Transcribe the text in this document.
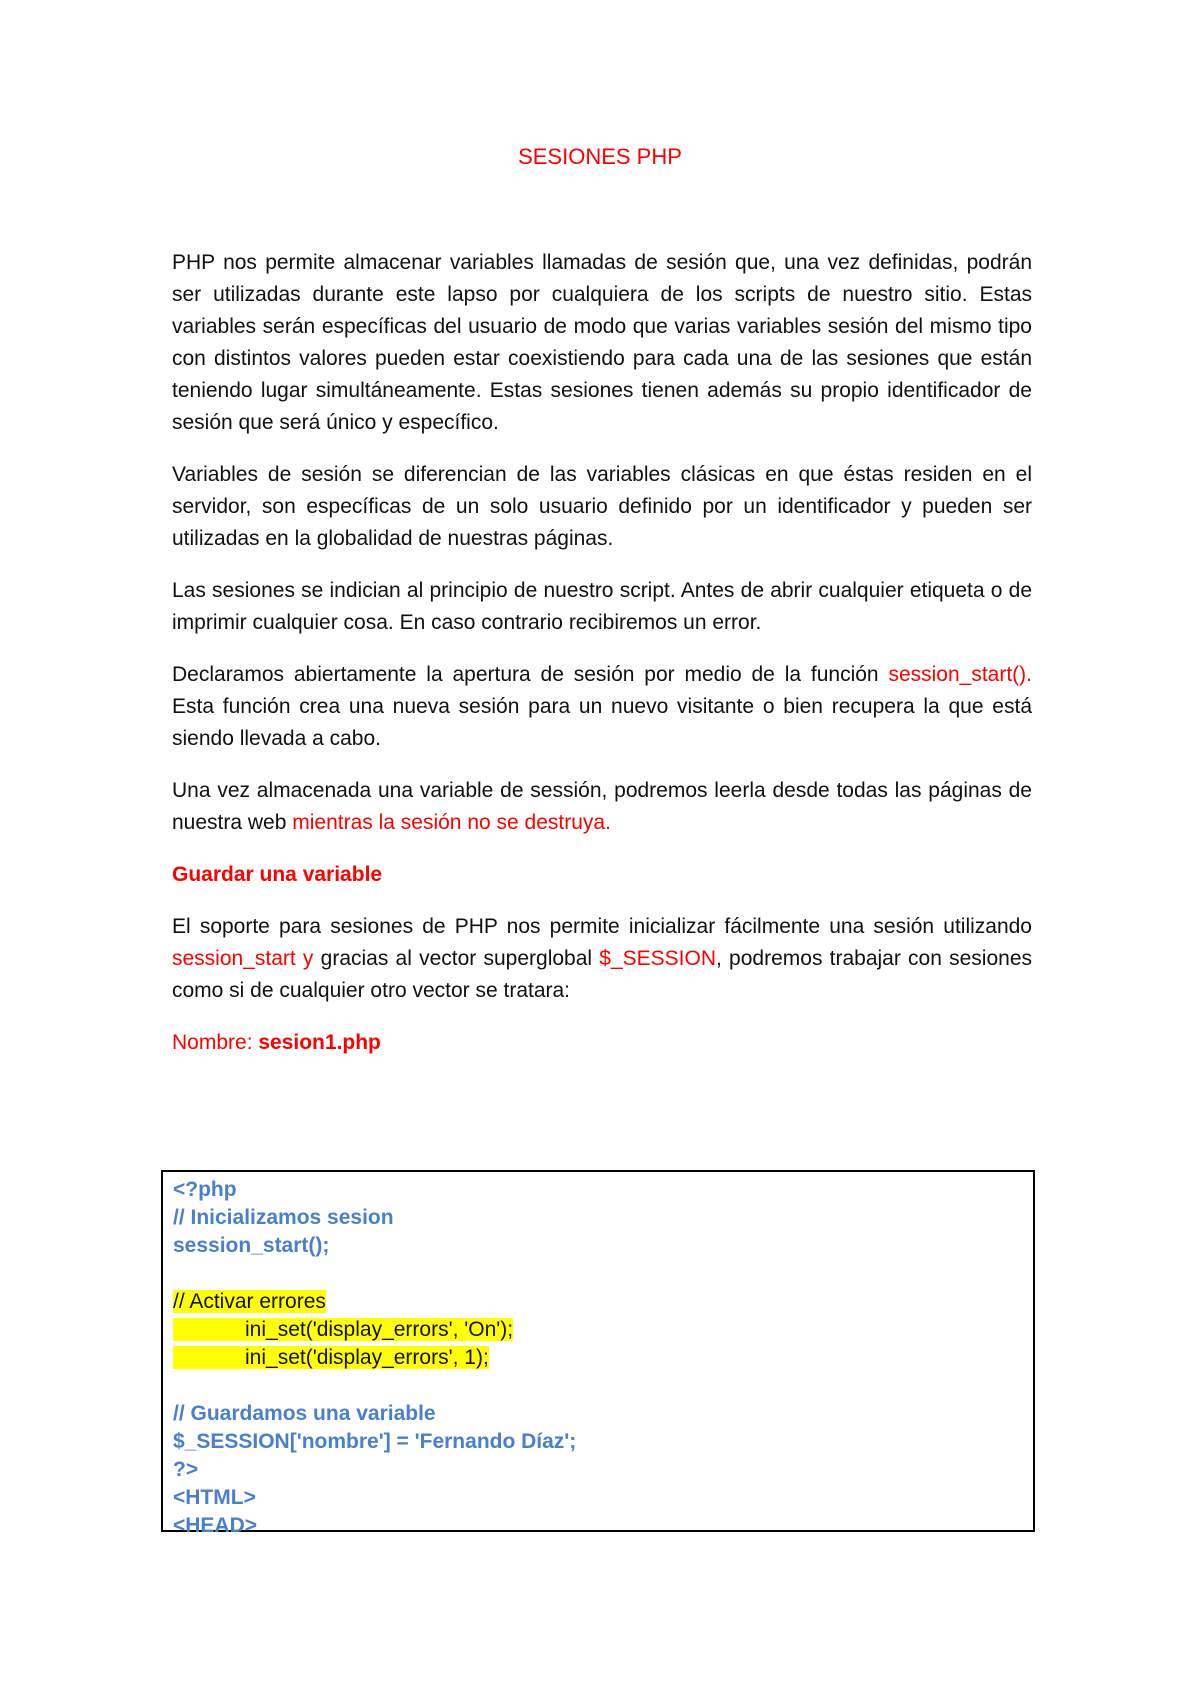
SESIONES PHP

PHP nos permite almacenar variables llamadas de sesión que, una vez definidas, podrán ser utilizadas durante este lapso por cualquiera de los scripts de nuestro sitio. Estas variables serán específicas del usuario de modo que varias variables sesión del mismo tipo con distintos valores pueden estar coexistiendo para cada una de las sesiones que están teniendo lugar simultáneamente. Estas sesiones tienen además su propio identificador de sesión que será único y específico.

Variables de sesión se diferencian de las variables clásicas en que éstas residen en el servidor, son específicas de un solo usuario definido por un identificador y pueden ser utilizadas en la globalidad de nuestras páginas.

Las sesiones se indician al principio de nuestro script. Antes de abrir cualquier etiqueta o de imprimir cualquier cosa. En caso contrario recibiremos un error.

Declaramos abiertamente la apertura de sesión por medio de la función session_start(). Esta función crea una nueva sesión para un nuevo visitante o bien recupera la que está siendo llevada a cabo.

Una vez almacenada una variable de sessión, podremos leerla desde todas las páginas de nuestra web mientras la sesión no se destruya.

Guardar una variable

El soporte para sesiones de PHP nos permite inicializar fácilmente una sesión utilizando session_start y gracias al vector superglobal $_SESSION, podremos trabajar con sesiones como si de cualquier otro vector se tratara:

Nombre: sesion1.php

<?php
// Inicializamos sesion
session_start();
// Activar errores
ini_set('display_errors', 'On');
ini_set('display_errors', 1);
// Guardamos una variable
$_SESSION['nombre'] = 'Fernando Díaz';
?>
<HTML>
<HEAD>
